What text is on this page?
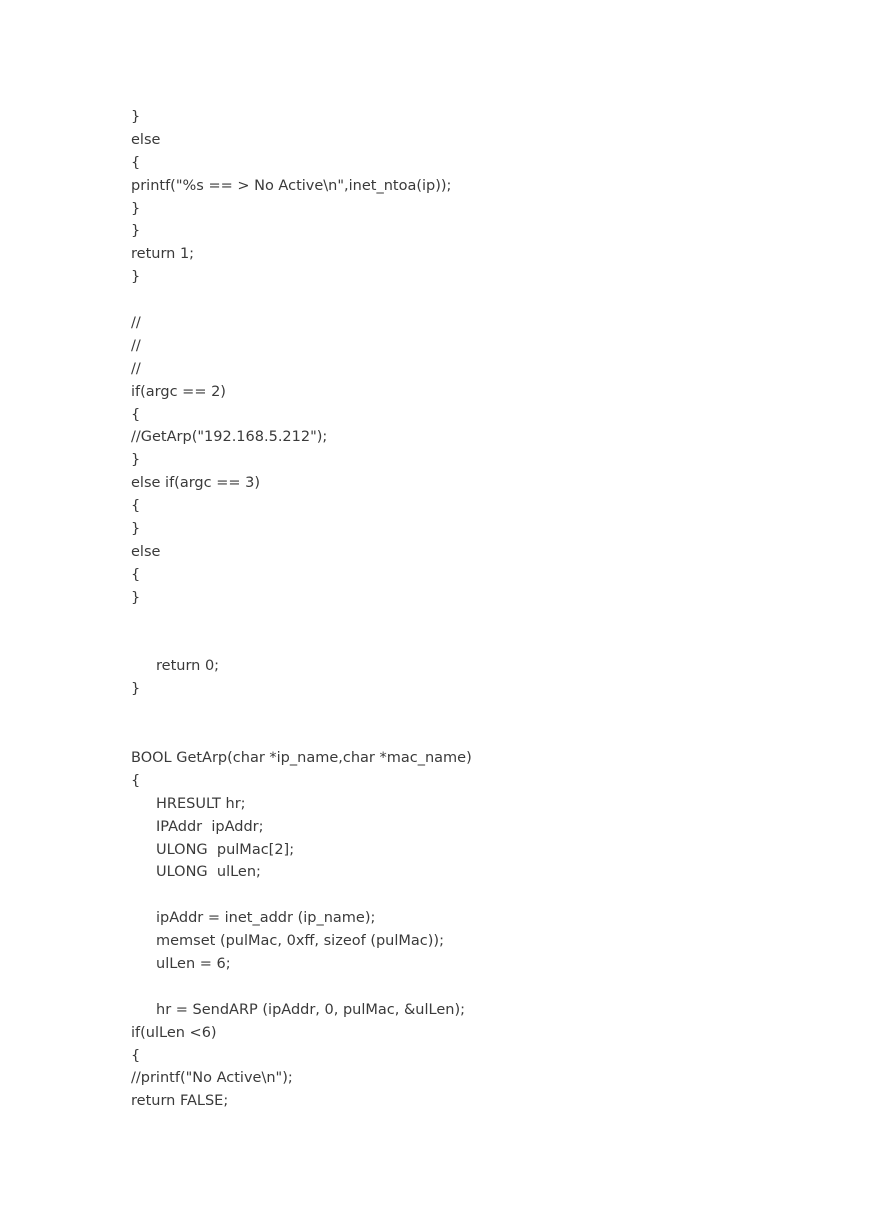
}
else
{
printf("%s == > No Active\n",inet_ntoa(ip));
}
}
return 1;
}
//
//
//
if(argc == 2)
{
//GetArp("192.168.5.212");
}
else if(argc == 3)
{
}
else
{
}
return 0;
}
BOOL GetArp(char *ip_name,char *mac_name)
{
HRESULT hr;
IPAddr  ipAddr;
ULONG  pulMac[2];
ULONG  ulLen;
ipAddr = inet_addr (ip_name);
memset (pulMac, 0xff, sizeof (pulMac));
ulLen = 6;
hr = SendARP (ipAddr, 0, pulMac, &ulLen);
if(ulLen <6)
{
//printf("No Active\n");
return FALSE;
